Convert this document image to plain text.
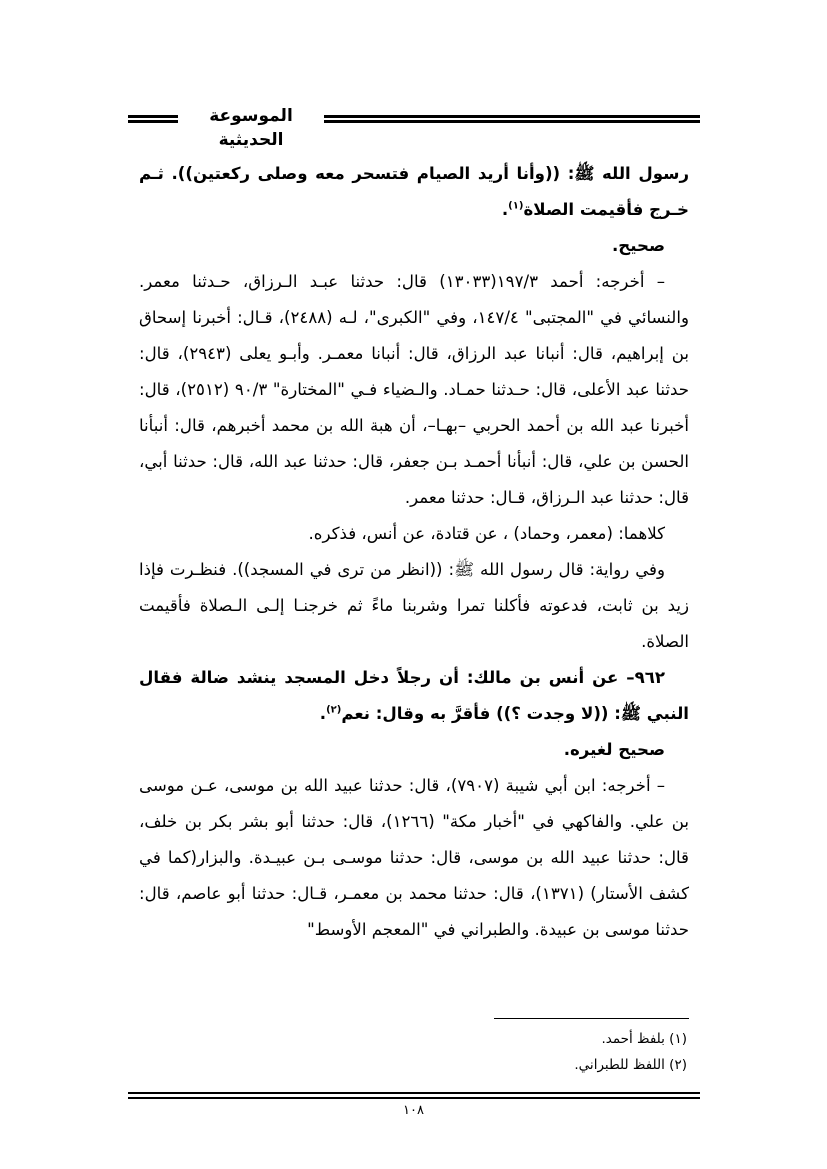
الموسوعة الحديثية

رسول الله ﷺ: ((وأنا أريد الصيام فتسحر معه وصلى ركعتين)). ثـم خـرج فأقيمت الصلاة$^{(١)}$.

صحيح.

– أخرجه: أحمد ١٩٧/٣(١٣٠٣٣) قال: حدثنا عبـد الـرزاق، حـدثنا معمر. والنسائي في "المجتبى" ١٤٧/٤، وفي "الكبرى"، لـه (٢٤٨٨)، قـال: أخبرنا إسحاق بن إبراهيم، قال: أنبانا عبد الرزاق، قال: أنبانا معمـر. وأبـو يعلى (٢٩٤٣)، قال: حدثنا عبد الأعلى، قال: حـدثنا حمـاد. والـضياء فـي "المختارة" ٩٠/٣ (٢٥١٢)، قال: أخبرنا عبد الله بن أحمد الحربي –بهـا–، أن هبة الله بن محمد أخبرهم، قال: أنبأنا الحسن بن علي، قال: أنبأنا أحمـد بـن جعفر، قال: حدثنا عبد الله، قال: حدثنا أبي، قال: حدثنا عبد الـرزاق، قـال: حدثنا معمر.

كلاهما: (معمر، وحماد) ، عن قتادة، عن أنس، فذكره.

وفي رواية: قال رسول الله ﷺ: ((انظر من ترى في المسجد)). فنظـرت فإذا زيد بن ثابت، فدعوته فأكلنا تمرا وشربنا ماءً ثم خرجنـا إلـى الـصلاة فأقيمت الصلاة.

٩٦٢– عن أنس بن مالك: أن رجلاً دخل المسجد ينشد ضالة فقال النبي ﷺ: ((لا وجدت ؟)) فأقرَّ به وقال: نعم$^{(٢)}$.

صحيح لغيره.

– أخرجه: ابن أبي شيبة (٧٩٠٧)، قال: حدثنا عبيد الله بن موسى، عـن موسى بن علي. والفاكهي في "أخبار مكة" (١٢٦٦)، قال: حدثنا أبو بشر بكر بن خلف، قال: حدثنا عبيد الله بن موسى، قال: حدثنا موسـى بـن عبيـدة. والبزار(كما في كشف الأستار) (١٣٧١)، قال: حدثنا محمد بن معمـر، قـال: حدثنا أبو عاصم، قال: حدثنا موسى بن عبيدة. والطبراني في "المعجم الأوسط"

(١) بلفظ أحمد.

(٢) اللفظ للطبراني.

١٠٨
